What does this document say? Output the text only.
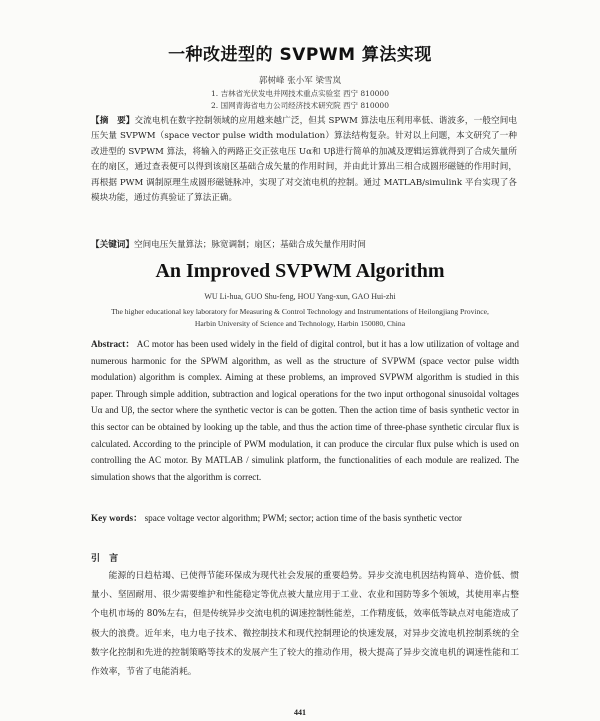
一种改进型的 SVPWM 算法实现
郭树峰 张小军 梁雪岚
1. 吉林省光伏发电并网技术重点实验室 西宁 810000
2. 国网青海省电力公司经济技术研究院 西宁 810000
【摘　要】交流电机在数字控制领域的应用越来越广泛，但其 SPWM 算法电压利用率低、谐波多，一般空间电压矢量 SVPWM（space vector pulse width modulation）算法结构复杂。针对以上问题，本文研究了一种改进型的 SVPWM 算法，将输入的两路正交正弦电压 Uα和 Uβ进行简单的加减及逻辑运算就得到了合成矢量所在的扇区，通过查表便可以得到该扇区基础合成矢量的作用时间，并由此计算出三相合成圆形磁链的作用时间，再根据 PWM 调制原理生成圆形磁链脉冲，实现了对交流电机的控制。通过 MATLAB/simulink 平台实现了各模块功能，通过仿真验证了算法正确。
【关键词】空间电压矢量算法；脉宽调制；扇区；基础合成矢量作用时间
An Improved SVPWM Algorithm
WU Li-hua, GUO Shu-feng, HOU Yang-xun, GAO Hui-zhi
The higher educational key laboratory for Measuring & Control Technology and Instrumentations of Heilongjiang Province, Harbin University of Science and Technology, Harbin 150080, China
Abstract： AC motor has been used widely in the field of digital control, but it has a low utilization of voltage and numerous harmonic for the SPWM algorithm, as well as the structure of SVPWM (space vector pulse width modulation) algorithm is complex. Aiming at these problems, an improved SVPWM algorithm is studied in this paper. Through simple addition, subtraction and logical operations for the two input orthogonal sinusoidal voltages Uα and Uβ, the sector where the synthetic vector is can be gotten. Then the action time of basis synthetic vector in this sector can be obtained by looking up the table, and thus the action time of three-phase synthetic circular flux is calculated. According to the principle of PWM modulation, it can produce the circular flux pulse which is used on controlling the AC motor. By MATLAB / simulink platform, the functionalities of each module are realized. The simulation shows that the algorithm is correct.
Key words： space voltage vector algorithm; PWM; sector; action time of the basis synthetic vector
引 言
能源的日趋枯竭、已使得节能环保成为现代社会发展的重要趋势。异步交流电机因结构简单、造价低、惯量小、坚固耐用、很少需要维护和性能稳定等优点被大量应用于工业、农业和国防等多个领域，其使用率占整个电机市场的 80%左右，但是传统异步交流电机的调速控制性能差，工作精度低，效率低等缺点对电能造成了极大的浪费。近年来，电力电子技术、微控制技术和现代控制理论的快速发展，对异步交流电机控制系统的全数字化控制和先进的控制策略等技术的发展产生了较大的推动作用，极大提高了异步交流电机的调速性能和工作效率，节省了电能消耗。
441
